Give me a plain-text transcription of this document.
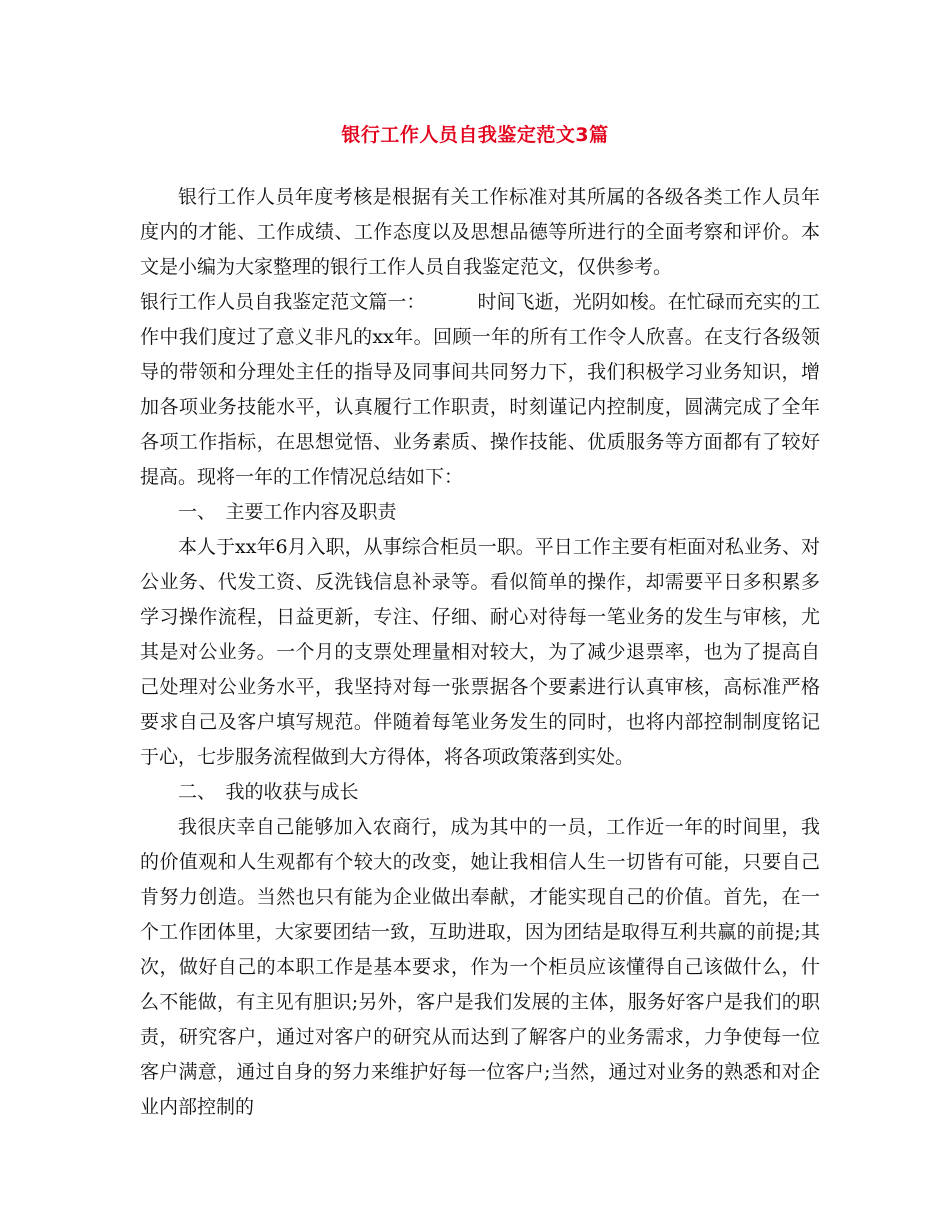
银行工作人员自我鉴定范文3篇

银行工作人员年度考核是根据有关工作标准对其所属的各级各类工作人员年度内的才能、工作成绩、工作态度以及思想品德等所进行的全面考察和评价。本文是小编为大家整理的银行工作人员自我鉴定范文，仅供参考。

银行工作人员自我鉴定范文篇一：	时间飞逝，光阴如梭。在忙碌而充实的工作中我们度过了意义非凡的xx年。回顾一年的所有工作令人欣喜。在支行各级领导的带领和分理处主任的指导及同事间共同努力下，我们积极学习业务知识，增加各项业务技能水平，认真履行工作职责，时刻谨记内控制度，圆满完成了全年各项工作指标，在思想觉悟、业务素质、操作技能、优质服务等方面都有了较好提高。现将一年的工作情况总结如下：

一、　主要工作内容及职责

本人于xx年6月入职，从事综合柜员一职。平日工作主要有柜面对私业务、对公业务、代发工资、反洗钱信息补录等。看似简单的操作，却需要平日多积累多学习操作流程，日益更新，专注、仔细、耐心对待每一笔业务的发生与审核，尤其是对公业务。一个月的支票处理量相对较大，为了减少退票率，也为了提高自己处理对公业务水平，我坚持对每一张票据各个要素进行认真审核，高标准严格要求自己及客户填写规范。伴随着每笔业务发生的同时，也将内部控制制度铭记于心，七步服务流程做到大方得体，将各项政策落到实处。

二、　我的收获与成长

我很庆幸自己能够加入农商行，成为其中的一员，工作近一年的时间里，我的价值观和人生观都有个较大的改变，她让我相信人生一切皆有可能，只要自己肯努力创造。当然也只有能为企业做出奉献，才能实现自己的价值。首先，在一个工作团体里，大家要团结一致，互助进取，因为团结是取得互利共赢的前提;其次，做好自己的本职工作是基本要求，作为一个柜员应该懂得自己该做什么，什么不能做，有主见有胆识;另外，客户是我们发展的主体，服务好客户是我们的职责，研究客户，通过对客户的研究从而达到了解客户的业务需求，力争使每一位客户满意，通过自身的努力来维护好每一位客户;当然，通过对业务的熟悉和对企业内部控制的
